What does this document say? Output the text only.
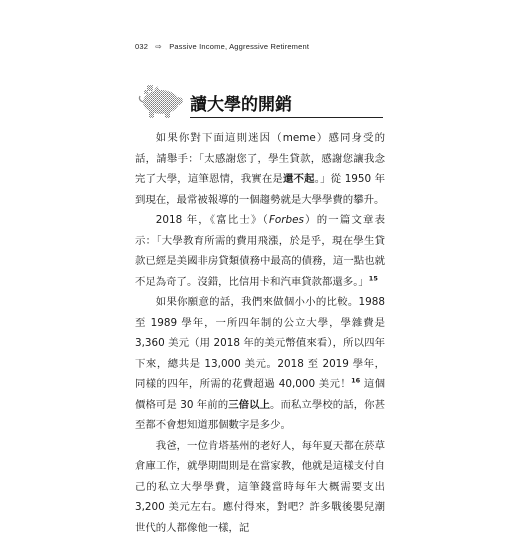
032 ⇨ Passive Income, Aggressive Retirement
讀大學的開銷

如果你對下面這則迷因（meme）感同身受的話，請舉手：「太感謝您了，學生貸款，感謝您讓我念完了大學，這筆恩情，我實在是還不起。」從 1950 年到現在，最常被報導的一個趨勢就是大學學費的攀升。

2018 年，《富比士》（Forbes）的一篇文章表示：「大學教育所需的費用飛漲，於是乎，現在學生貸款已經是美國非房貸類債務中最高的債務，這一點也就不足為奇了。沒錯，比信用卡和汽車貸款都還多。」$^{15}$

如果你願意的話，我們來做個小小的比較。1988 至 1989 學年，一所四年制的公立大學，學雜費是 3,360 美元（用 2018 年的美元幣值來看），所以四年下來，總共是 13,000 美元。2018 至 2019 學年，同樣的四年，所需的花費超過 40,000 美元！$^{16}$ 這個價格可是 30 年前的三倍以上。而私立學校的話，你甚至都不會想知道那個數字是多少。

我爸，一位肯塔基州的老好人，每年夏天都在菸草倉庫工作，就學期間則是在當家教，他就是這樣支付自己的私立大學學費，這筆錢當時每年大概需要支出 3,200 美元左右。應付得來，對吧？許多戰後嬰兒潮世代的人都像他一樣，記
